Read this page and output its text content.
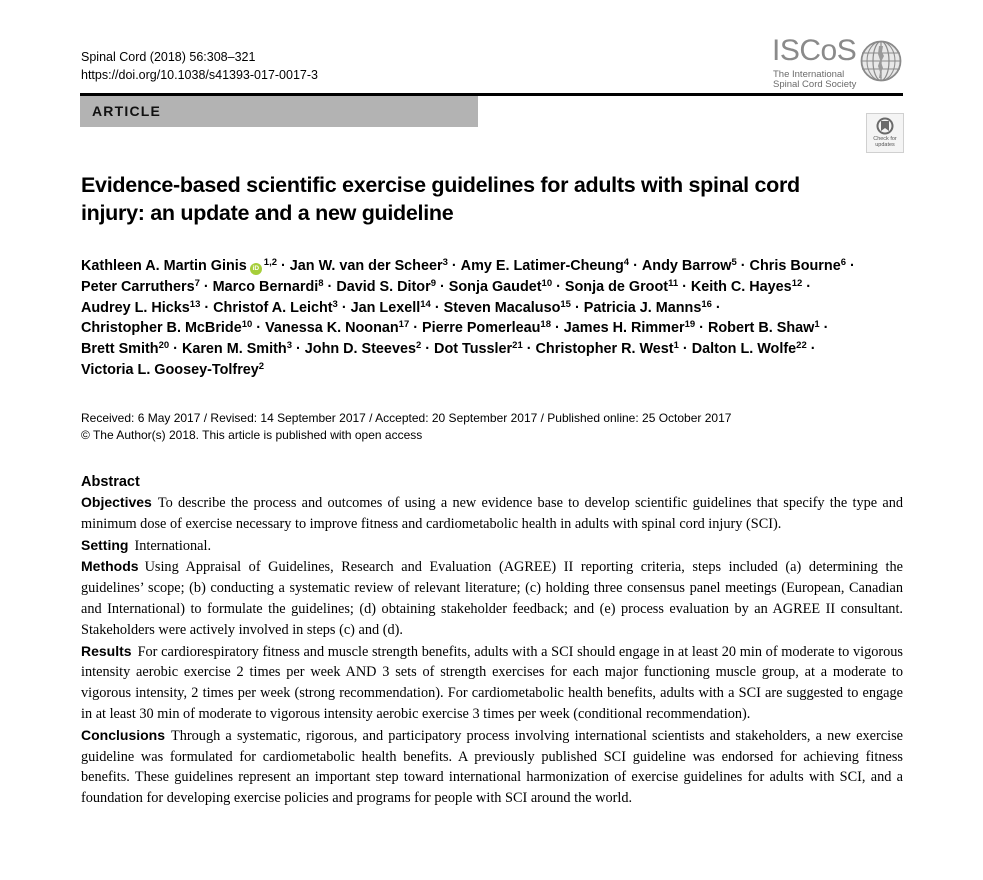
Spinal Cord (2018) 56:308–321
https://doi.org/10.1038/s41393-017-0017-3
ISCoS
The International
Spinal Cord Society
ARTICLE
Check for
updates
Evidence-based scientific exercise guidelines for adults with spinal cord injury: an update and a new guideline
Kathleen A. Martin Ginis iD$^{1,2}$ · Jan W. van der Scheer$^3$ · Amy E. Latimer-Cheung$^4$ · Andy Barrow$^5$ · Chris Bourne$^6$ ·
Peter Carruthers$^7$ · Marco Bernardi$^8$ · David S. Ditor$^9$ · Sonja Gaudet$^{10}$ · Sonja de Groot$^{11}$ · Keith C. Hayes$^{12}$ ·
Audrey L. Hicks$^{13}$ · Christof A. Leicht$^3$ · Jan Lexell$^{14}$ · Steven Macaluso$^{15}$ · Patricia J. Manns$^{16}$ ·
Christopher B. McBride$^{10}$ · Vanessa K. Noonan$^{17}$ · Pierre Pomerleau$^{18}$ · James H. Rimmer$^{19}$ · Robert B. Shaw$^1$ ·
Brett Smith$^{20}$ · Karen M. Smith$^3$ · John D. Steeves$^2$ · Dot Tussler$^{21}$ · Christopher R. West$^1$ · Dalton L. Wolfe$^{22}$ ·
Victoria L. Goosey-Tolfrey$^2$
Received: 6 May 2017 / Revised: 14 September 2017 / Accepted: 20 September 2017 / Published online: 25 October 2017
© The Author(s) 2018. This article is published with open access
Abstract

Objectives To describe the process and outcomes of using a new evidence base to develop scientific guidelines that specify the type and minimum dose of exercise necessary to improve fitness and cardiometabolic health in adults with spinal cord injury (SCI).

Setting International.

Methods Using Appraisal of Guidelines, Research and Evaluation (AGREE) II reporting criteria, steps included (a) determining the guidelines’ scope; (b) conducting a systematic review of relevant literature; (c) holding three consensus panel meetings (European, Canadian and International) to formulate the guidelines; (d) obtaining stakeholder feedback; and (e) process evaluation by an AGREE II consultant. Stakeholders were actively involved in steps (c) and (d).

Results For cardiorespiratory fitness and muscle strength benefits, adults with a SCI should engage in at least 20 min of moderate to vigorous intensity aerobic exercise 2 times per week AND 3 sets of strength exercises for each major functioning muscle group, at a moderate to vigorous intensity, 2 times per week (strong recommendation). For cardiometabolic health benefits, adults with a SCI are suggested to engage in at least 30 min of moderate to vigorous intensity aerobic exercise 3 times per week (conditional recommendation).

Conclusions Through a systematic, rigorous, and participatory process involving international scientists and stakeholders, a new exercise guideline was formulated for cardiometabolic health benefits. A previously published SCI guideline was endorsed for achieving fitness benefits. These guidelines represent an important step toward international harmonization of exercise guidelines for adults with SCI, and a foundation for developing exercise policies and programs for people with SCI around the world.
